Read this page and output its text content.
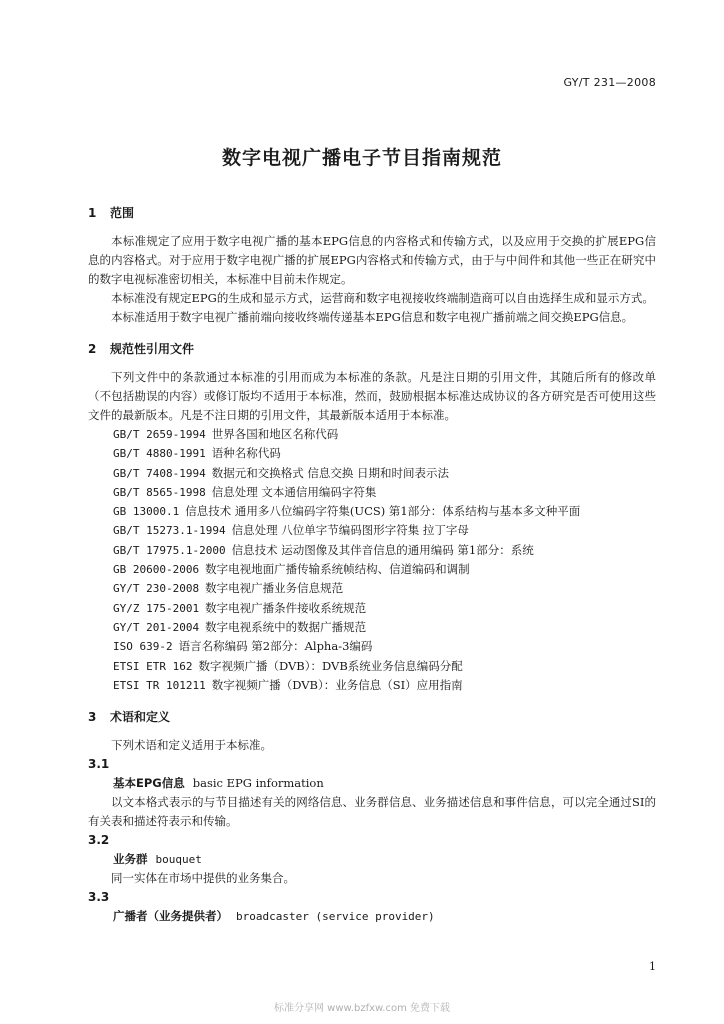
GY/T 231—2008
数字电视广播电子节目指南规范
1 范围

本标准规定了应用于数字电视广播的基本EPG信息的内容格式和传输方式，以及应用于交换的扩展EPG信息的内容格式。对于应用于数字电视广播的扩展EPG内容格式和传输方式，由于与中间件和其他一些正在研究中的数字电视标准密切相关，本标准中目前未作规定。

本标准没有规定EPG的生成和显示方式，运营商和数字电视接收终端制造商可以自由选择生成和显示方式。

本标准适用于数字电视广播前端向接收终端传递基本EPG信息和数字电视广播前端之间交换EPG信息。

2 规范性引用文件

下列文件中的条款通过本标准的引用而成为本标准的条款。凡是注日期的引用文件，其随后所有的修改单（不包括勘误的内容）或修订版均不适用于本标准，然而，鼓励根据本标准达成协议的各方研究是否可使用这些文件的最新版本。凡是不注日期的引用文件，其最新版本适用于本标准。

GB/T 2659-1994 世界各国和地区名称代码
GB/T 4880-1991 语种名称代码
GB/T 7408-1994 数据元和交换格式 信息交换 日期和时间表示法
GB/T 8565-1998 信息处理 文本通信用编码字符集
GB 13000.1 信息技术 通用多八位编码字符集(UCS) 第1部分：体系结构与基本多文种平面
GB/T 15273.1-1994 信息处理 八位单字节编码图形字符集 拉丁字母
GB/T 17975.1-2000 信息技术 运动图像及其伴音信息的通用编码 第1部分：系统
GB 20600-2006 数字电视地面广播传输系统帧结构、信道编码和调制
GY/T 230-2008 数字电视广播业务信息规范
GY/Z 175-2001 数字电视广播条件接收系统规范
GY/T 201-2004 数字电视系统中的数据广播规范
ISO 639-2 语言名称编码 第2部分：Alpha-3编码
ETSI ETR 162 数字视频广播（DVB）：DVB系统业务信息编码分配
ETSI TR 101211 数字视频广播（DVB）：业务信息（SI）应用指南
3 术语和定义

下列术语和定义适用于本标准。

3.1

基本EPG信息 basic EPG information

以文本格式表示的与节目描述有关的网络信息、业务群信息、业务描述信息和事件信息，可以完全通过SI的有关表和描述符表示和传输。

3.2

业务群 bouquet

同一实体在市场中提供的业务集合。

3.3

广播者（业务提供者） broadcaster (service provider)

1
标准分享网 www.bzfxw.com 免费下载
